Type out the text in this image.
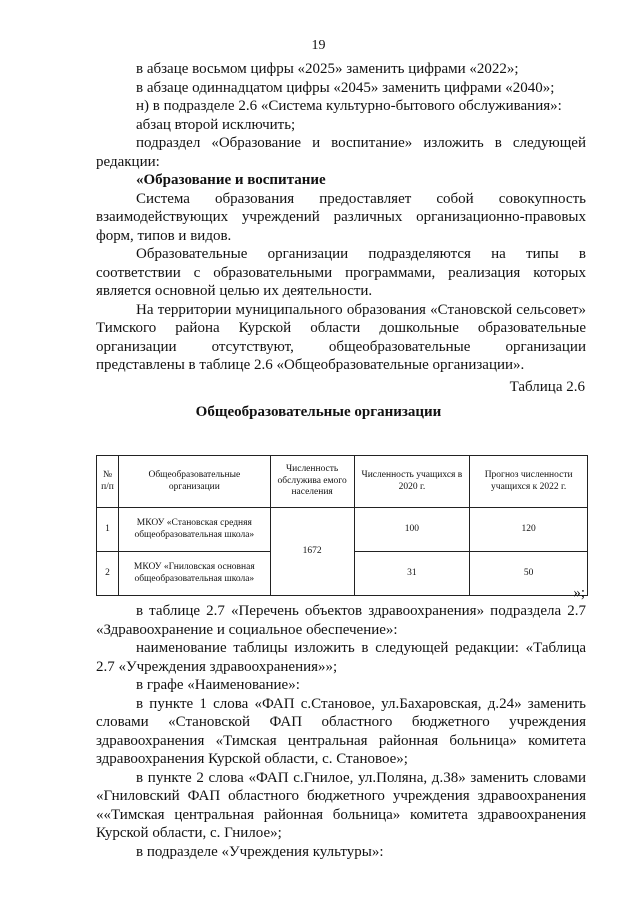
19
в абзаце восьмом цифры «2025» заменить цифрами «2022»;
в абзаце одиннадцатом цифры «2045» заменить цифрами «2040»;
н) в подразделе 2.6 «Система культурно-бытового обслуживания»:
абзац второй исключить;
подраздел «Образование и воспитание» изложить в следующей
редакции:
«Образование и воспитание
Система образования предоставляет собой совокупность
взаимодействующих учреждений различных организационно-правовых
форм, типов и видов.
Образовательные организации подразделяются на типы в
соответствии с образовательными программами, реализация которых
является основной целью их деятельности.
На территории муниципального образования «Становской сельсовет»
Тимского района Курской области дошкольные образовательные
организации отсутствуют, общеобразовательные организации
представлены в таблице 2.6 «Общеобразовательные организации».
Таблица 2.6
Общеобразовательные организации
№ п/п	Общеобразовательные организации	Численность обслужива емого населения	Численность учащихся в 2020 г.	Прогноз численности учащихся к 2022 г.
1	МКОУ «Становская средняя общеобразовательная школа»	1672	100	120
2	МКОУ «Гниловская основная общеобразовательная школа»		31	50
»;
в таблице 2.7 «Перечень объектов здравоохранения» подраздела 2.7
«Здравоохранение и социальное обеспечение»:
наименование таблицы изложить в следующей редакции: «Таблица
2.7 «Учреждения здравоохранения»»;
в графе «Наименование»:
в пункте 1 слова «ФАП с.Становое, ул.Бахаровская, д.24» заменить
словами «Становской ФАП областного бюджетного учреждения
здравоохранения «Тимская центральная районная больница» комитета
здравоохранения Курской области, с. Становое»;
в пункте 2 слова «ФАП с.Гнилое, ул.Поляна, д.38» заменить словами
«Гниловский ФАП областного бюджетного учреждения здравоохранения
««Тимская центральная районная больница» комитета здравоохранения
Курской области, с. Гнилое»;
в подразделе «Учреждения культуры»:
